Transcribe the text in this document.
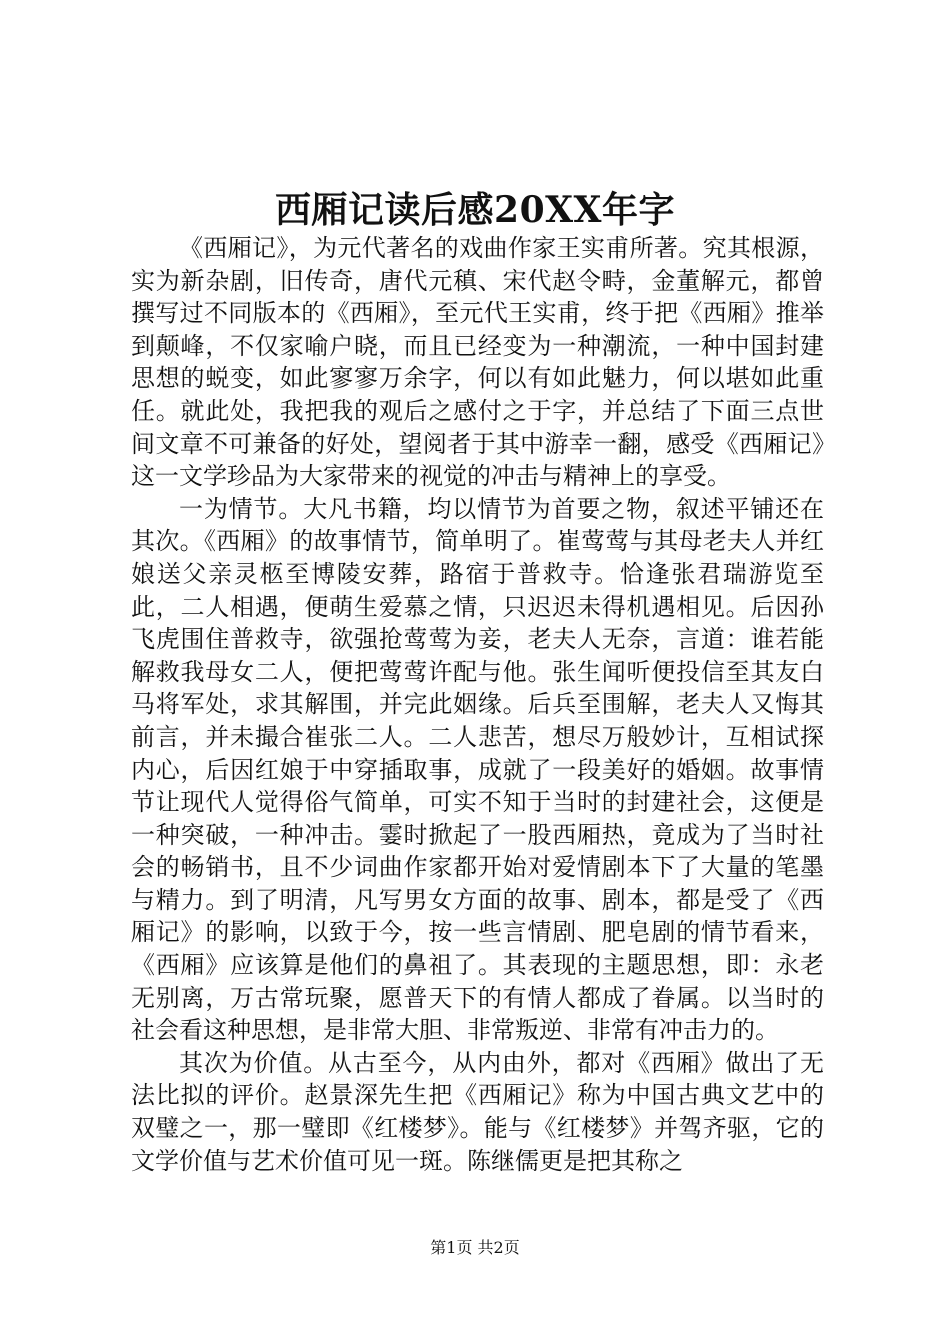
西厢记读后感20XX年字

《西厢记》，为元代著名的戏曲作家王实甫所著。究其根源，实为新杂剧，旧传奇，唐代元稹、宋代赵令畤，金董解元，都曾撰写过不同版本的《西厢》，至元代王实甫，终于把《西厢》推举到颠峰，不仅家喻户晓，而且已经变为一种潮流，一种中国封建思想的蜕变，如此寥寥万余字，何以有如此魅力，何以堪如此重任。就此处，我把我的观后之感付之于字，并总结了下面三点世间文章不可兼备的好处，望阅者于其中游幸一翻，感受《西厢记》这一文学珍品为大家带来的视觉的冲击与精神上的享受。

一为情节。大凡书籍，均以情节为首要之物，叙述平铺还在其次。《西厢》的故事情节，简单明了。崔莺莺与其母老夫人并红娘送父亲灵柩至博陵安葬，路宿于普救寺。恰逢张君瑞游览至此，二人相遇，便萌生爱慕之情，只迟迟未得机遇相见。后因孙飞虎围住普救寺，欲强抢莺莺为妾，老夫人无奈，言道：谁若能解救我母女二人，便把莺莺许配与他。张生闻听便投信至其友白马将军处，求其解围，并完此姻缘。后兵至围解，老夫人又悔其前言，并未撮合崔张二人。二人悲苦，想尽万般妙计，互相试探内心，后因红娘于中穿插取事，成就了一段美好的婚姻。故事情节让现代人觉得俗气简单，可实不知于当时的封建社会，这便是一种突破，一种冲击。霎时掀起了一股西厢热，竟成为了当时社会的畅销书，且不少词曲作家都开始对爱情剧本下了大量的笔墨与精力。到了明清，凡写男女方面的故事、剧本，都是受了《西厢记》的影响，以致于今，按一些言情剧、肥皂剧的情节看来，《西厢》应该算是他们的鼻祖了。其表现的主题思想，即：永老无别离，万古常玩聚，愿普天下的有情人都成了眷属。以当时的社会看这种思想，是非常大胆、非常叛逆、非常有冲击力的。

其次为价值。从古至今，从内由外，都对《西厢》做出了无法比拟的评价。赵景深先生把《西厢记》称为中国古典文艺中的双璧之一，那一璧即《红楼梦》。能与《红楼梦》并驾齐驱，它的文学价值与艺术价值可见一斑。陈继儒更是把其称之

第1页 共2页
